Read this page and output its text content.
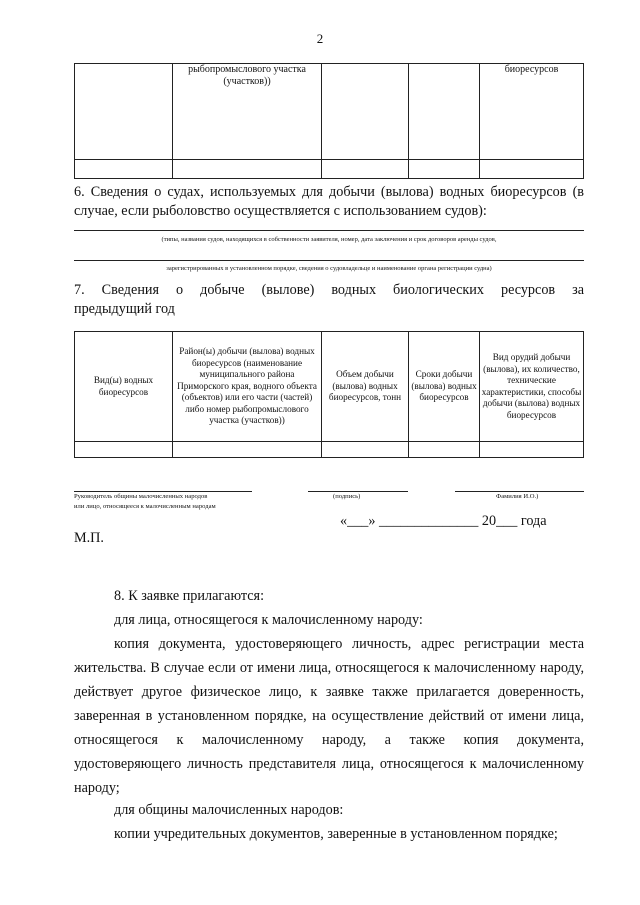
2
	рыбопромыслового участка (участков))			биоресурсов

6. Сведения о судах, используемых для добычи (вылова) водных биоресурсов (в случае, если рыболовство осуществляется с использованием судов):
(типы, названия судов, находящихся в собственности заявителя, номер, дата заключения и срок договоров аренды судов,
зарегистрированных в установленном порядке, сведения о судовладельце и наименование органа регистрации судна)
7. Сведения о добыче (вылове) водных биологических ресурсов за
предыдущий год
Вид(ы) водных биоресурсов	Район(ы) добычи (вылова) водных биоресурсов (наименование муниципального района Приморского края, водного объекта (объектов) или его части (частей) либо номер рыбопромыслового участка (участков))	Объем добычи (вылова) водных биоресурсов, тонн	Сроки добычи (вылова) водных биоресурсов	Вид орудий добычи (вылова), их количество, технические характеристики, способы добычи (вылова) водных биоресурсов

Руководитель общины малочисленных народов
или лицо, относящееся к малочисленным народам
(подпись)	Фамилия И.О.)
«___» ______________ 20___ года
М.П.
8. К заявке прилагаются:
для лица, относящегося к малочисленному народу:
копия документа, удостоверяющего личность, адрес регистрации места жительства. В случае если от имени лица, относящегося к малочисленному народу, действует другое физическое лицо, к заявке также прилагается доверенность, заверенная в установленном порядке, на осуществление действий от имени лица, относящегося к малочисленному народу, а также копия документа, удостоверяющего личность представителя лица, относящегося к малочисленному народу;
для общины малочисленных народов:
копии учредительных документов, заверенные в установленном порядке;
